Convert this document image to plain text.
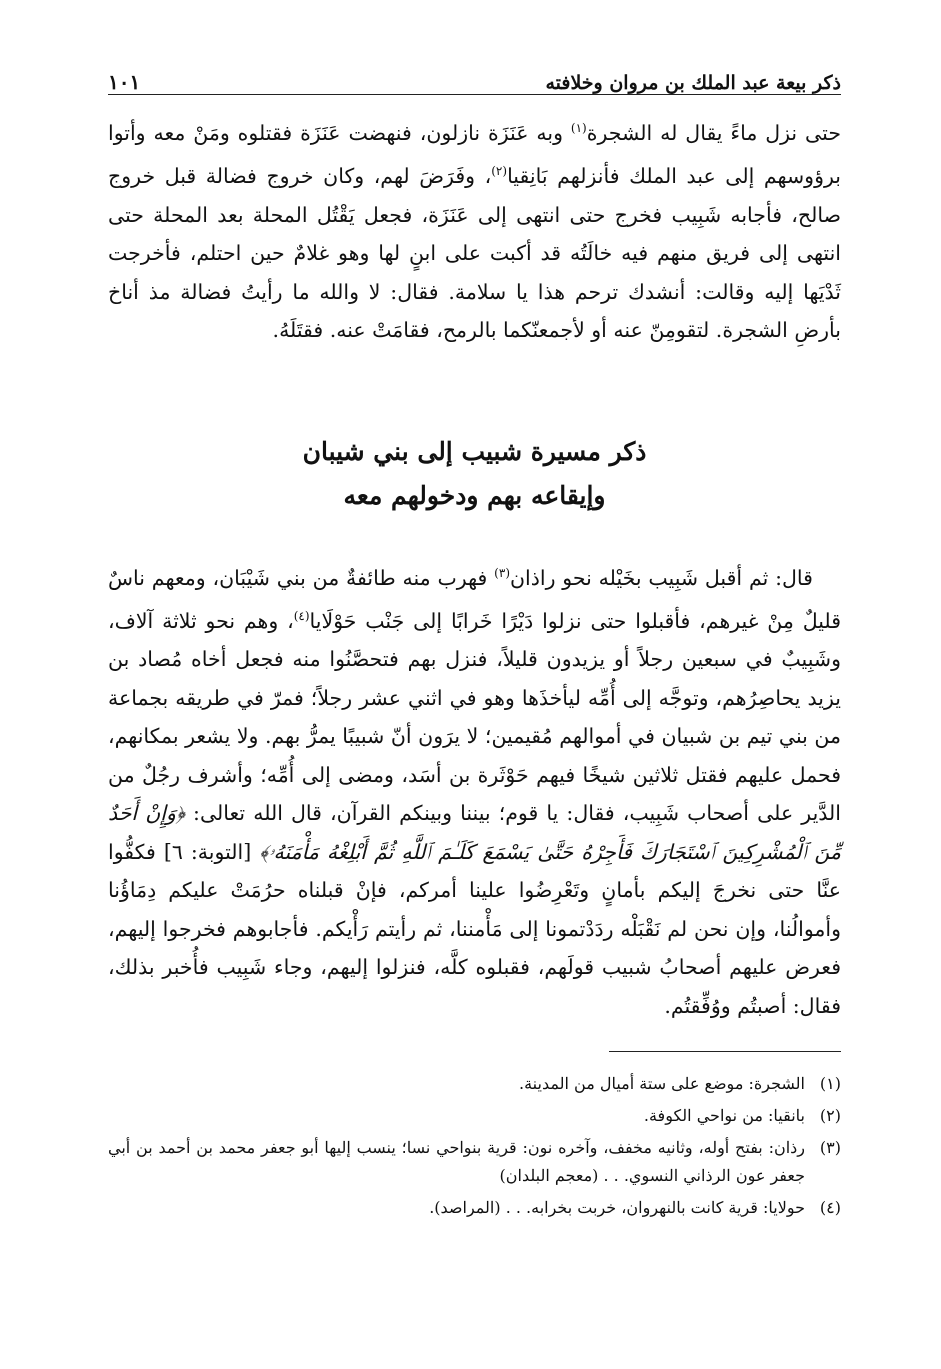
ذكر بيعة عبد الملك بن مروان وخلافته
١٠١

حتى نزل ماءً يقال له الشجرة$^{(١)}$ وبه عَنَزَة نازلون، فنهضت عَنَزَة فقتلوه ومَنْ معه وأتوا برؤوسهم إلى عبد الملك فأنزلهم بَانِقيا$^{(٢)}$، وفَرَضَ لهم، وكان خروج فضالة قبل خروج صالح، فأجابه شَبِيب فخرج حتى انتهى إلى عَنَزَة، فجعل يَقْتُل المحلة بعد المحلة حتى انتهى إلى فريق منهم فيه خالَتُه قد أكبت على ابنٍ لها وهو غلامٌ حين احتلم، فأخرجت ثَدْيَها إليه وقالت: أنشدك ترحم هذا يا سلامة. فقال: لا والله ما رأيتُ فضالة مذ أناخ بأرضِ الشجرة. لتقومِنّ عنه أو لأجمعنّكما بالرمح، فقامَتْ عنه. فقتَلَهُ.

ذكر مسيرة شبيب إلى بني شيبان
وإيقاعه بهم ودخولهم معه

قال: ثم أقبل شَبِيب بخَيْله نحو راذان$^{(٣)}$ فهرب منه طائفةٌ من بني شَيْبَان، ومعهم ناسٌ قليلٌ مِنْ غيرهم، فأقبلوا حتى نزلوا دَيْرًا خَرابًا إلى جَنْب حَوْلَايا$^{(٤)}$، وهم نحو ثلاثة آلاف، وشَبِيبٌ في سبعين رجلاً أو يزيدون قليلاً، فنزل بهم فتحصَّنُوا منه فجعل أخاه مُصاد بن يزيد يحاصِرُهم، وتوجَّه إلى أُمِّه ليأخذَها وهو في اثني عشر رجلاً؛ فمرّ في طريقه بجماعة من بني تيم بن شبيان في أموالهم مُقيمين؛ لا يرَون أنّ شبيبًا يمرُّ بهم. ولا يشعر بمكانهم، فحمل عليهم فقتل ثلاثين شيخًا فيهم حَوْثَرة بن أسَد، ومضى إلى أُمِّه؛ وأشرف رجُلٌ من الدَّير على أصحاب شَبِيب، فقال: يا قوم؛ بيننا وبينكم القرآن، قال الله تعالى: ﴿وَإِنْ أَحَدٌ مِّنَ ٱلْمُشْرِكِينَ ٱسْتَجَارَكَ فَأَجِرْهُ حَتَّىٰ يَسْمَعَ كَلَـٰمَ ٱللَّهِ ثُمَّ أَبْلِغْهُ مَأْمَنَهُۥ﴾ [التوبة: ٦] فكفُّوا عنَّا حتى نخرجَ إليكم بأمانٍ وتَعْرِضُوا علينا أمركم، فإنْ قبلناه حرُمَتْ عليكم دِمَاؤُنا وأموالُنا، وإن نحن لم نَقْبَلْه ردَدْتمونا إلى مَأْمننا، ثم رأيتم رَأْيكم. فأجابوهم فخرجوا إليهم، فعرض عليهم أصحابُ شبيب قولَهم، فقبلوه كلَّه، فنزلوا إليهم، وجاء شَبِيب فأُخبر بذلك، فقال: أصبتُم ووُفِّقتُم.

(١)
الشجرة: موضع على ستة أميال من المدينة.
(٢)
بانقيا: من نواحي الكوفة.
(٣)
رذان: بفتح أوله، وثانيه مخفف، وآخره نون: قرية بنواحي نسا؛ ينسب إليها أبو جعفر محمد بن أحمد بن أبي جعفر عون الرذاني النسوي. . . (معجم البلدان)
(٤)
حولايا: قرية كانت بالنهروان، خربت بخرابه. . . (المراصد).
